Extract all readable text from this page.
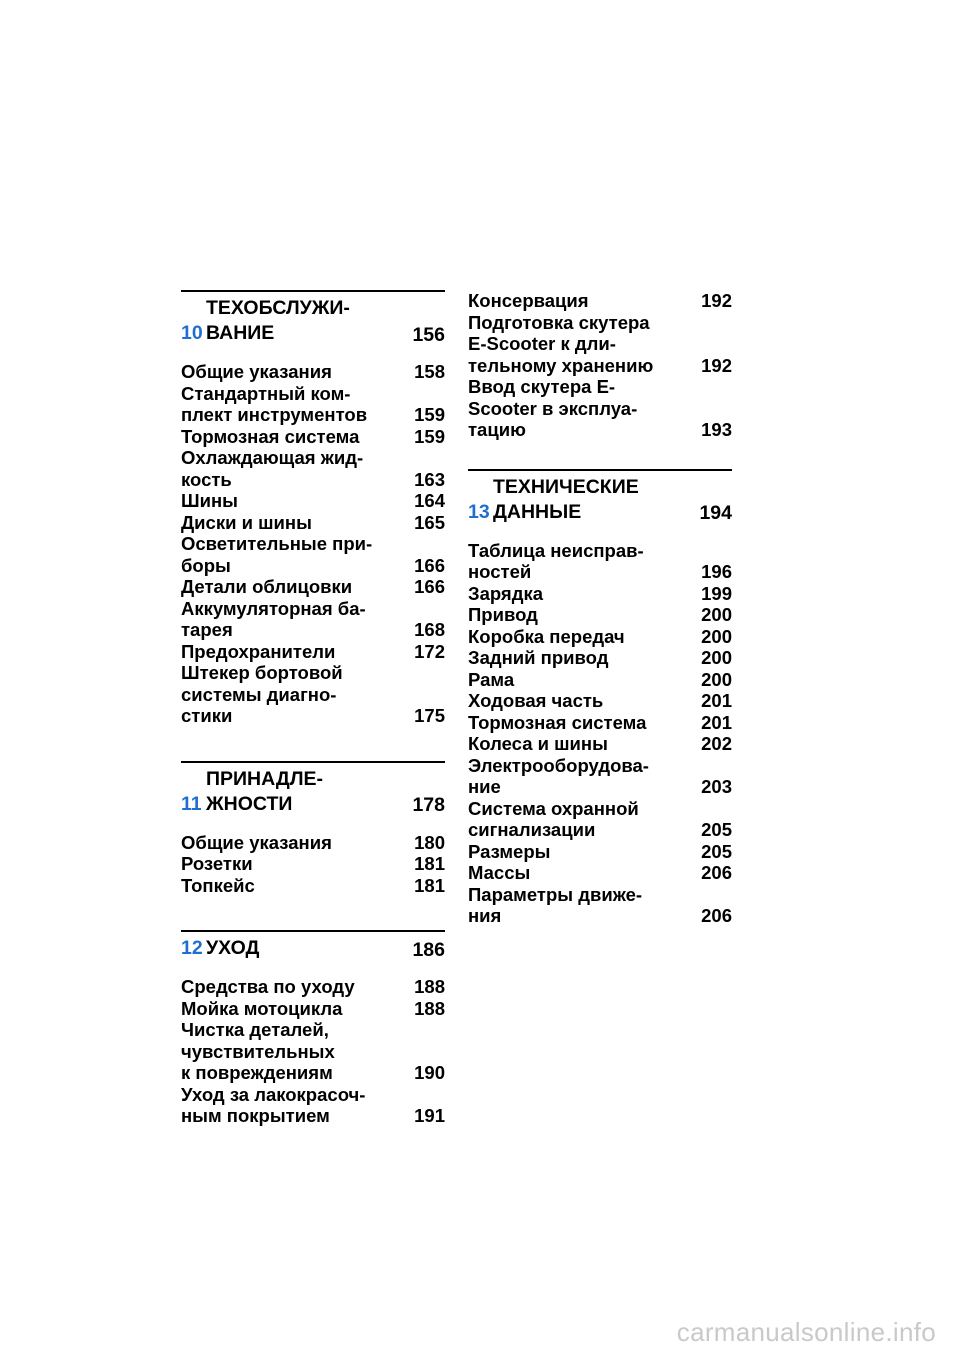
10
ТЕХОБСЛУЖИ-
ВАНИЕ	156
Общие указания	158
Стандартный ком-
плект инструментов	159
Тормозная система	159
Охлаждающая жид-
кость	163
Шины	164
Диски и шины	165
Осветительные при-
боры	166
Детали облицовки	166
Аккумуляторная ба-
тарея	168
Предохранители	172
Штекер бортовой
системы диагно-
стики	175
11
ПРИНАДЛЕ-
ЖНОСТИ	178
Общие указания	180
Розетки	181
Топкейс	181
12 УХОД	186
Средства по уходу	188
Мойка мотоцикла	188
Чистка деталей,
чувствительных
к повреждениям	190
Уход за лакокрасоч-
ным покрытием	191
Консервация	192
Подготовка скутера
E-Scooter к дли-
тельному хранению	192
Ввод скутера E-
Scooter в эксплуа-
тацию	193
13
ТЕХНИЧЕСКИЕ
ДАННЫЕ	194
Таблица неисправ-
ностей	196
Зарядка	199
Привод	200
Коробка передач	200
Задний привод	200
Рама	200
Ходовая часть	201
Тормозная система	201
Колеса и шины	202
Электрооборудова-
ние	203
Система охранной
сигнализации	205
Размеры	205
Массы	206
Параметры движе-
ния	206
carmanualsonline.info
